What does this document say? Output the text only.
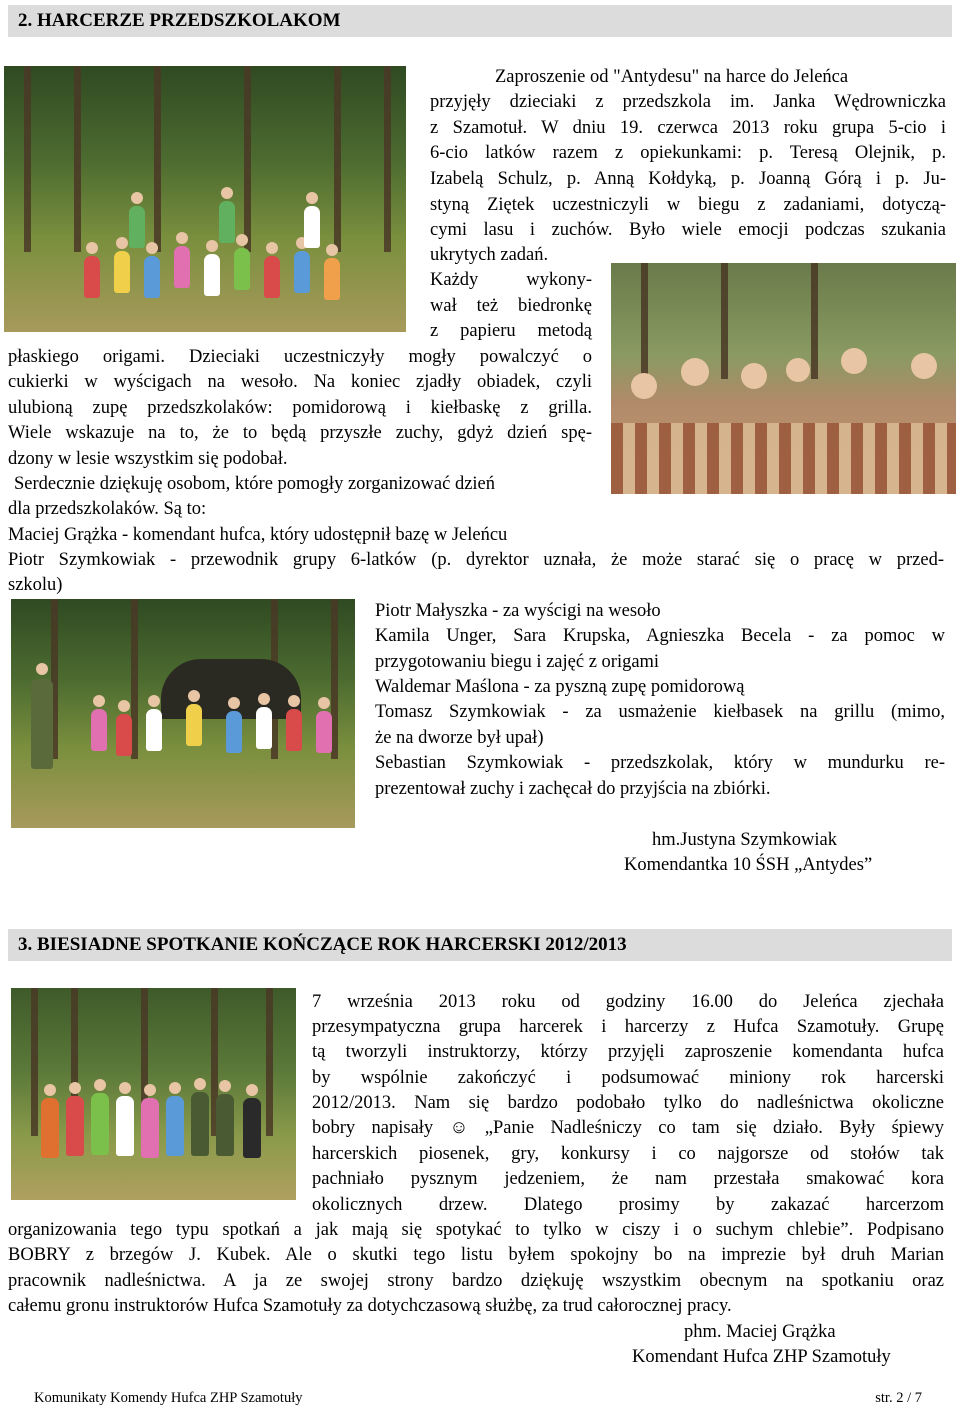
2. HARCERZE PRZEDSZKOLAKOM
Zaproszenie od "Antydesu" na harce do Jeleńca
przyjęły dzieciaki z przedszkola im. Janka Wędrowniczka
z Szamotuł. W dniu 19. czerwca 2013 roku grupa 5-cio i
6-cio latków razem z opiekunkami: p. Teresą Olejnik, p.
Izabelą Schulz, p. Anną Kołdyką, p. Joanną Górą i p. Ju-
styną Ziętek uczestniczyli w biegu z zadaniami, dotyczą-
cymi lasu i zuchów. Było wiele emocji podczas szukania
ukrytych zadań.
Każdy wykony-
wał też biedronkę
z papieru metodą
płaskiego origami. Dzieciaki uczestniczyły mogły powalczyć o
cukierki w wyścigach na wesoło. Na koniec zjadły obiadek, czyli
ulubioną zupę przedszkolaków: pomidorową i kiełbaskę z grilla.
Wiele wskazuje na to, że to będą przyszłe zuchy, gdyż dzień spę-
dzony w lesie wszystkim się podobał.
Serdecznie dziękuję osobom, które pomogły zorganizować dzień
dla przedszkolaków. Są to:
Maciej Grążka - komendant hufca, który udostępnił bazę w Jeleńcu
Piotr Szymkowiak - przewodnik grupy 6-latków (p. dyrektor uznała, że może starać się o pracę w przed-
szkolu)
Piotr Małyszka - za wyścigi na wesoło
Kamila Unger, Sara Krupska, Agnieszka Becela - za pomoc w
przygotowaniu biegu i zajęć z origami
Waldemar Maślona - za pyszną zupę pomidorową
Tomasz Szymkowiak - za usmażenie kiełbasek na grillu (mimo,
że na dworze był upał)
Sebastian Szymkowiak - przedszkolak, który w mundurku re-
prezentował zuchy i zachęcał do przyjścia na zbiórki.
hm.Justyna Szymkowiak
Komendantka 10 ŚSH „Antydes”
3. BIESIADNE SPOTKANIE KOŃCZĄCE ROK HARCERSKI 2012/2013
7 września 2013 roku od godziny 16.00 do Jeleńca zjechała
przesympatyczna grupa harcerek i harcerzy z Hufca Szamotuły. Grupę
tą tworzyli instruktorzy, którzy przyjęli zaproszenie komendanta hufca
by wspólnie zakończyć i podsumować miniony rok harcerski
2012/2013. Nam się bardzo podobało tylko do nadleśnictwa okoliczne
bobry napisały ☺ „Panie Nadleśniczy co tam się działo. Były śpiewy
harcerskich piosenek, gry, konkursy i co najgorsze od stołów tak
pachniało pysznym jedzeniem, że nam przestała smakować kora
okolicznych drzew. Dlatego prosimy by zakazać harcerzom
organizowania tego typu spotkań a jak mają się spotykać to tylko w ciszy i o suchym chlebie”. Podpisano
BOBRY z brzegów J. Kubek. Ale o skutki tego listu byłem spokojny bo na imprezie był druh Marian
pracownik nadleśnictwa. A ja ze swojej strony bardzo dziękuję wszystkim obecnym na spotkaniu oraz
całemu gronu instruktorów Hufca Szamotuły za dotychczasową służbę, za trud całorocznej pracy.
phm. Maciej Grążka
Komendant Hufca ZHP Szamotuły
Komunikaty Komendy Hufca ZHP Szamotuły	str. 2 / 7
